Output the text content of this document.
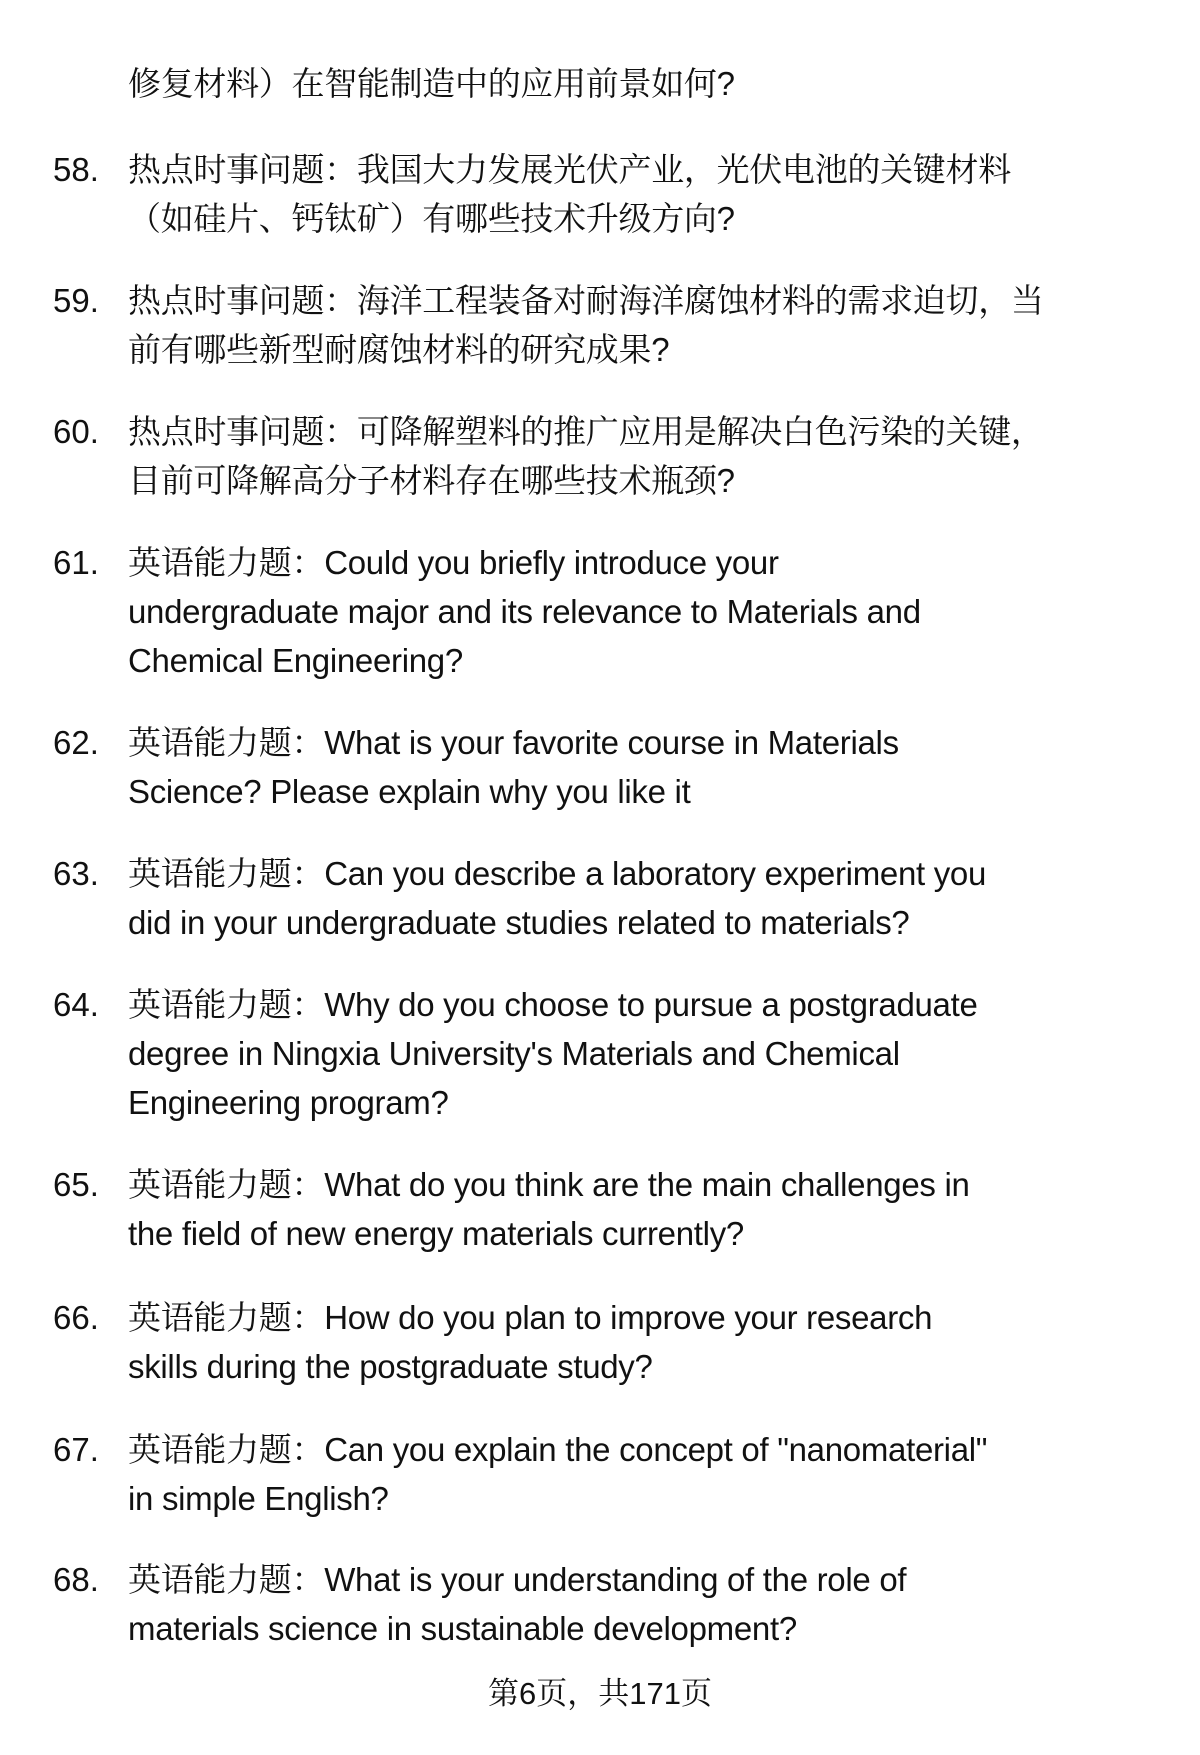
修复材料）在智能制造中的应用前景如何?
58. 热点时事问题：我国大力发展光伏产业，光伏电池的关键材料
（如硅片、钙钛矿）有哪些技术升级方向?
59. 热点时事问题：海洋工程装备对耐海洋腐蚀材料的需求迫切，当
前有哪些新型耐腐蚀材料的研究成果?
60. 热点时事问题：可降解塑料的推广应用是解决白色污染的关键，
目前可降解高分子材料存在哪些技术瓶颈?
61. 英语能力题：Could you briefly introduce your
undergraduate major and its relevance to Materials and
Chemical Engineering?
62. 英语能力题：What is your favorite course in Materials
Science? Please explain why you like it
63. 英语能力题：Can you describe a laboratory experiment you
did in your undergraduate studies related to materials?
64. 英语能力题：Why do you choose to pursue a postgraduate
degree in Ningxia University's Materials and Chemical
Engineering program?
65. 英语能力题：What do you think are the main challenges in
the field of new energy materials currently?
66. 英语能力题：How do you plan to improve your research
skills during the postgraduate study?
67. 英语能力题：Can you explain the concept of "nanomaterial"
in simple English?
68. 英语能力题：What is your understanding of the role of
materials science in sustainable development?
第6页，共171页
